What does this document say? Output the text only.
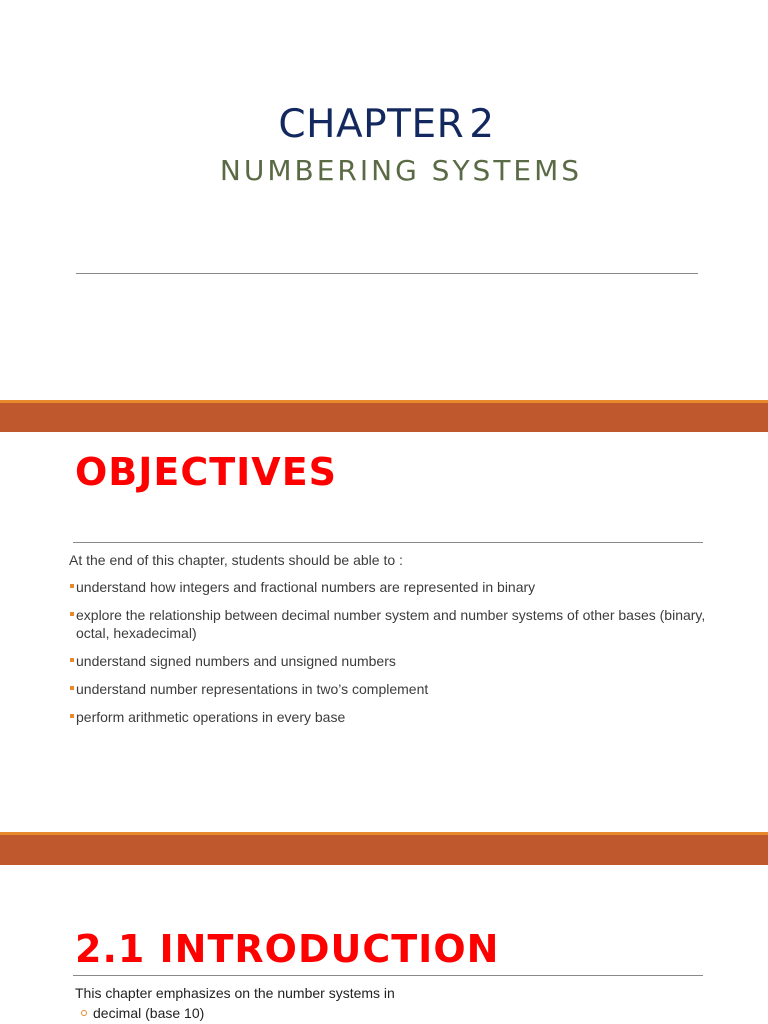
CHAPTER 2
NUMBERING SYSTEMS
OBJECTIVES

At the end of this chapter, students should be able to :

understand how integers and fractional numbers are represented in binary
explore the relationship between decimal number system and number systems of other bases (binary, octal, hexadecimal)
understand signed numbers and unsigned numbers
understand number representations in two’s complement
perform arithmetic operations in every base
2.1 INTRODUCTION

This chapter emphasizes on the number systems in

decimal (base 10)
